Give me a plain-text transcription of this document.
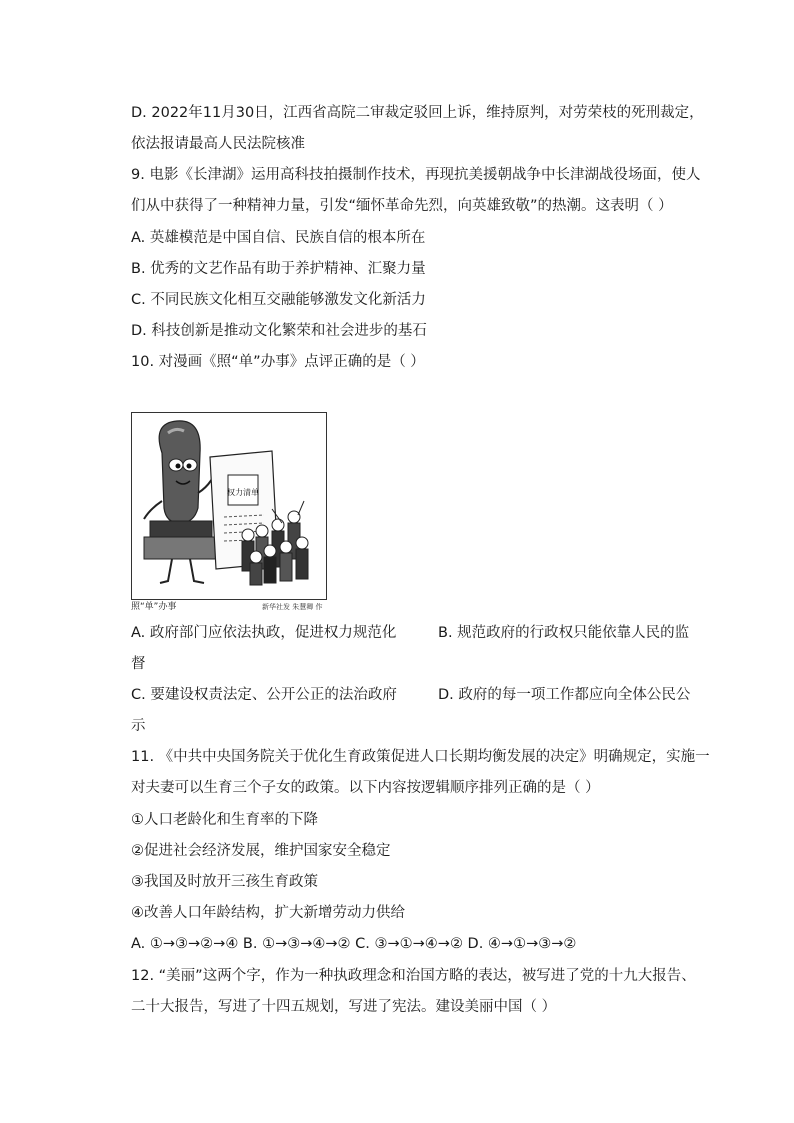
D. 2022年11月30日，江西省高院二审裁定驳回上诉，维持原判，对劳荣枝的死刑裁定，
依法报请最高人民法院核准
9. 电影《长津湖》运用高科技拍摄制作技术，再现抗美援朝战争中长津湖战役场面，使人
们从中获得了一种精神力量，引发“缅怀革命先烈，向英雄致敬”的热潮。这表明（ ）
A. 英雄模范是中国自信、民族自信的根本所在
B. 优秀的文艺作品有助于养护精神、汇聚力量
C. 不同民族文化相互交融能够激发文化新活力
D. 科技创新是推动文化繁荣和社会进步的基石
10. 对漫画《照“单”办事》点评正确的是（ ）
权力清单
照“单”办事	新华社发 朱慧卿 作
A. 政府部门应依法执政，促进权力规范化	B. 规范政府的行政权只能依靠人民的监
督
C. 要建设权责法定、公开公正的法治政府	D. 政府的每一项工作都应向全体公民公
示
11. 《中共中央国务院关于优化生育政策促进人口长期均衡发展的决定》明确规定，实施一
对夫妻可以生育三个子女的政策。以下内容按逻辑顺序排列正确的是（ ）
①人口老龄化和生育率的下降
②促进社会经济发展，维护国家安全稳定
③我国及时放开三孩生育政策
④改善人口年龄结构，扩大新增劳动力供给
A. ①→③→②→④ B. ①→③→④→② C. ③→①→④→② D. ④→①→③→②
12. “美丽”这两个字，作为一种执政理念和治国方略的表达，被写进了党的十九大报告、
二十大报告，写进了十四五规划，写进了宪法。建设美丽中国（ ）
